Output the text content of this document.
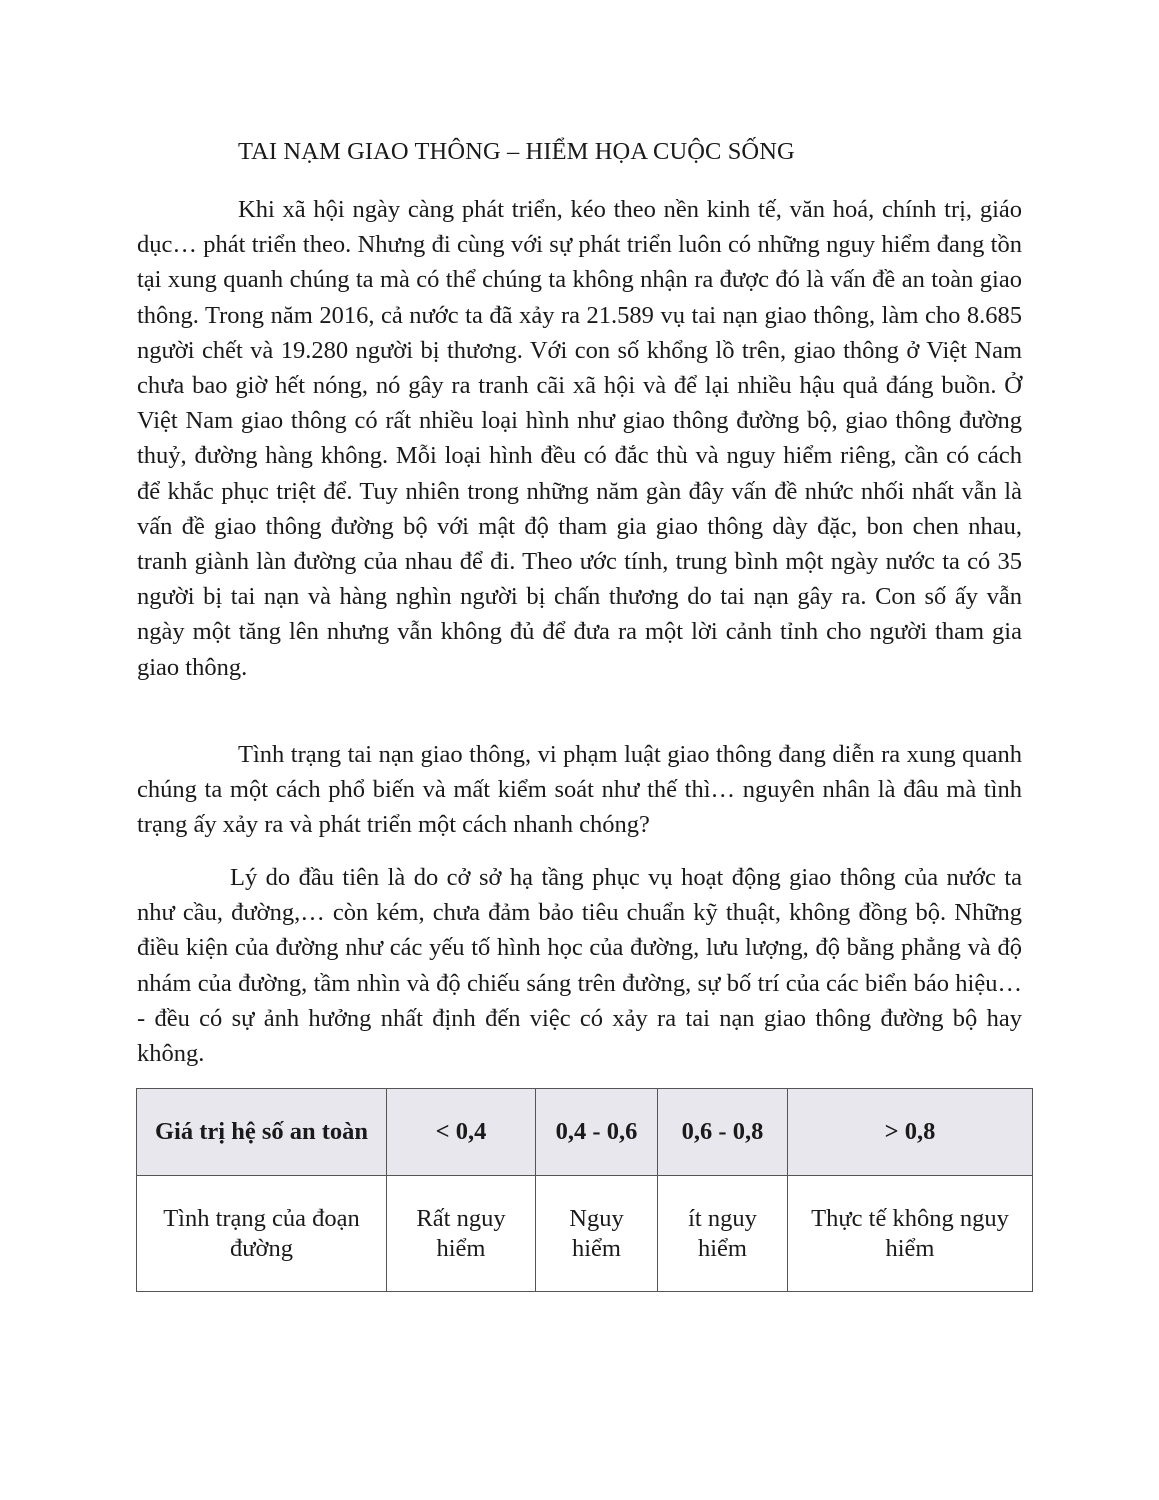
TAI NẠM GIAO THÔNG – HIỂM HỌA CUỘC SỐNG

Khi xã hội ngày càng phát triển, kéo theo nền kinh tế, văn hoá, chính trị, giáo dục… phát triển theo. Nhưng đi cùng với sự phát triển luôn có những nguy hiểm đang tồn tại xung quanh chúng ta mà có thể chúng ta không nhận ra được đó là vấn đề an toàn giao thông. Trong năm 2016, cả nước ta đã xảy ra 21.589 vụ tai nạn giao thông, làm cho 8.685 người chết và 19.280 người bị thương. Với con số khổng lồ trên, giao thông ở Việt Nam chưa bao giờ hết nóng, nó gây ra tranh cãi xã hội và để lại nhiều hậu quả đáng buồn. Ở Việt Nam giao thông có rất nhiều loại hình như giao thông đường bộ, giao thông đường thuỷ, đường hàng không. Mỗi loại hình đều có đắc thù và nguy hiểm riêng, cần có cách để khắc phục triệt để. Tuy nhiên trong những năm gàn đây vấn đề nhức nhối nhất vẫn là vấn đề giao thông đường bộ với mật độ tham gia giao thông dày đặc, bon chen nhau, tranh giành làn đường của nhau để đi. Theo ước tính, trung bình một ngày nước ta có 35 người bị tai nạn và hàng nghìn người bị chấn thương do tai nạn gây ra. Con số ấy vẫn ngày một tăng lên nhưng vẫn không đủ để đưa ra một lời cảnh tỉnh cho người tham gia giao thông.

Tình trạng tai nạn giao thông, vi phạm luật giao thông đang diễn ra xung quanh chúng ta một cách phổ biến và mất kiểm soát như thế thì… nguyên nhân là đâu mà tình trạng ấy xảy ra và phát triển một cách nhanh chóng?

Lý do đầu tiên là do cở sở hạ tầng phục vụ hoạt động giao thông của nước ta như cầu, đường,… còn kém, chưa đảm bảo tiêu chuẩn kỹ thuật, không đồng bộ. Những điều kiện của đường như các yếu tố hình học của đường, lưu lượng, độ bằng phẳng và độ nhám của đường, tầm nhìn và độ chiếu sáng trên đường, sự bố trí của các biển báo hiệu… - đều có sự ảnh hưởng nhất định đến việc có xảy ra tai nạn giao thông đường bộ hay không.

Giá trị hệ số an toàn	< 0,4	0,4 - 0,6	0,6 - 0,8	> 0,8
Tình trạng của đoạn đường	Rất nguy hiểm	Nguy hiểm	ít nguy hiểm	Thực tế không nguy hiểm
